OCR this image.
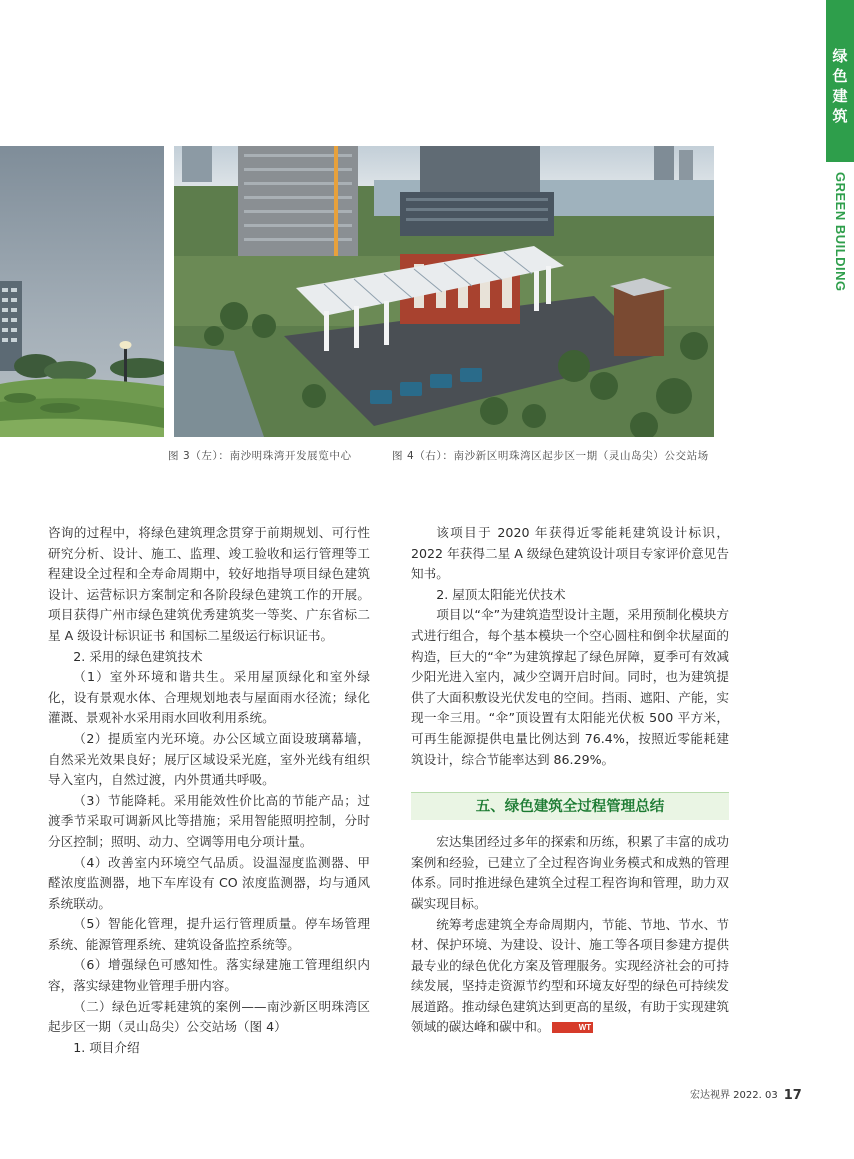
绿
色
建
筑
GREEN BUILDING
图 3（左）：南沙明珠湾开发展览中心	图 4（右）：南沙新区明珠湾区起步区一期（灵山岛尖）公交站场

咨询的过程中，将绿色建筑理念贯穿于前期规划、可行性研究分析、设计、施工、监理、竣工验收和运行管理等工程建设全过程和全寿命周期中，较好地指导项目绿色建筑设计、运营标识方案制定和各阶段绿色建筑工作的开展。项目获得广州市绿色建筑优秀建筑奖一等奖、广东省标二星 A 级设计标识证书 和国标二星级运行标识证书。

2. 采用的绿色建筑技术

（1）室外环境和谐共生。采用屋顶绿化和室外绿化，设有景观水体、合理规划地表与屋面雨水径流；绿化灌溉、景观补水采用雨水回收利用系统。

（2）提质室内光环境。办公区域立面设玻璃幕墙，自然采光效果良好；展厅区域设采光庭，室外光线有组织导入室内，自然过渡，内外贯通共呼吸。

（3）节能降耗。采用能效性价比高的节能产品；过渡季节采取可调新风比等措施；采用智能照明控制，分时分区控制；照明、动力、空调等用电分项计量。

（4）改善室内环境空气品质。设温湿度监测器、甲醛浓度监测器，地下车库设有 CO 浓度监测器，均与通风系统联动。

（5）智能化管理，提升运行管理质量。停车场管理系统、能源管理系统、建筑设备监控系统等。

（6）增强绿色可感知性。落实绿建施工管理组织内容，落实绿建物业管理手册内容。

（二）绿色近零耗建筑的案例——南沙新区明珠湾区起步区一期（灵山岛尖）公交站场（图 4）

1. 项目介绍

该项目于 2020 年获得近零能耗建筑设计标识，2022 年获得二星 A 级绿色建筑设计项目专家评价意见告知书。

2. 屋顶太阳能光伏技术

项目以“伞”为建筑造型设计主题，采用预制化模块方式进行组合，每个基本模块一个空心圆柱和倒伞状屋面的构造，巨大的“伞”为建筑撑起了绿色屏障，夏季可有效减少阳光进入室内，减少空调开启时间。同时，也为建筑提供了大面积敷设光伏发电的空间。挡雨、遮阳、产能，实现一伞三用。“伞”顶设置有太阳能光伏板 500 平方米，可再生能源提供电量比例达到 76.4%，按照近零能耗建筑设计，综合节能率达到 86.29%。

五、绿色建筑全过程管理总结

宏达集团经过多年的探索和历练，积累了丰富的成功案例和经验，已建立了全过程咨询业务模式和成熟的管理体系。同时推进绿色建筑全过程工程咨询和管理，助力双碳实现目标。

统筹考虑建筑全寿命周期内，节能、节地、节水、节材、保护环境、为建设、设计、施工等各项目参建方提供最专业的绿色优化方案及管理服务。实现经济社会的可持续发展，坚持走资源节约型和环境友好型的绿色可持续发展道路。推动绿色建筑达到更高的星级，有助于实现建筑领域的碳达峰和碳中和。	WT

宏达视界 2022. 03 17
